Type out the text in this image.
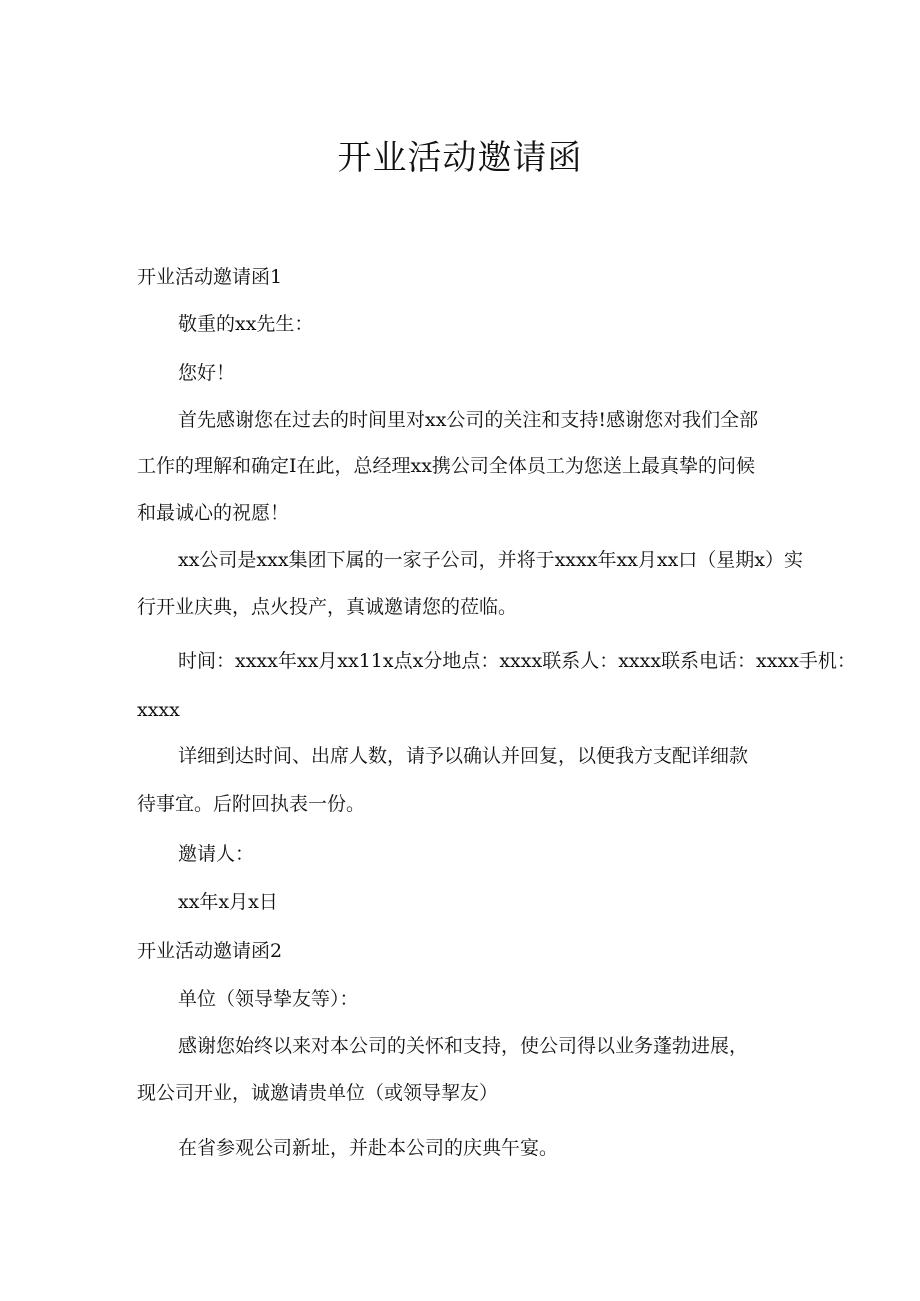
开业活动邀请函
开业活动邀请函1
敬重的xx先生：
您好！
首先感谢您在过去的时间里对xx公司的关注和支持!感谢您对我们全部
工作的理解和确定I在此，总经理xx携公司全体员工为您送上最真挚的问候
和最诚心的祝愿！
xx公司是xxx集团下属的一家子公司，并将于xxxx年xx月xx口（星期x）实
行开业庆典，点火投产，真诚邀请您的莅临。
时间：xxxx年xx月xx11x点x分地点：xxxx联系人：xxxx联系电话：xxxx手机：
xxxx
详细到达时间、出席人数，请予以确认并回复，以便我方支配详细款
待事宜。后附回执表一份。
邀请人：
xx年x月x日
开业活动邀请函2
单位（领导挚友等）：
感谢您始终以来对本公司的关怀和支持，使公司得以业务蓬勃进展，
现公司开业，诚邀请贵单位（或领导挈友）
在省参观公司新址，并赴本公司的庆典午宴。
